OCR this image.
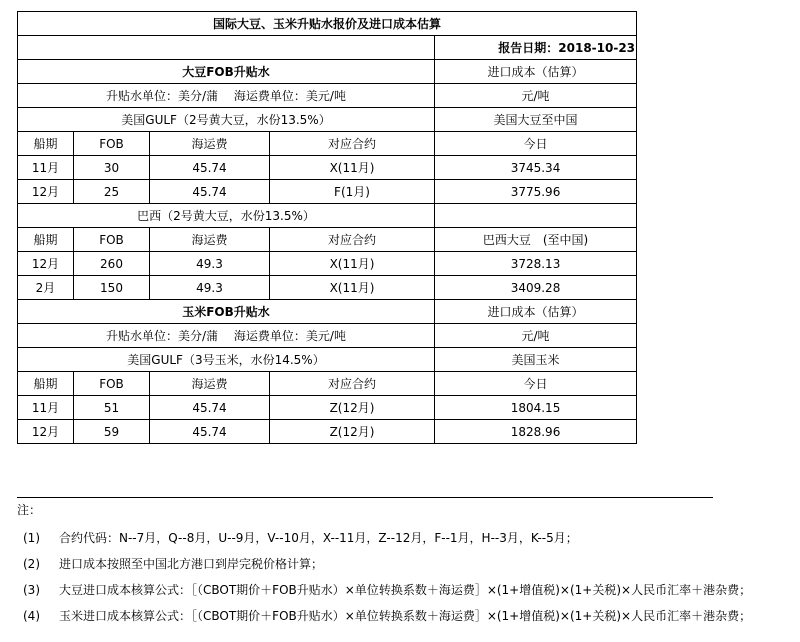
国际大豆、玉米升贴水报价及进口成本估算				
				报告日期：2018-10-23
大豆FOB升贴水				进口成本（估算）
升贴水单位：美分/蒲 　海运费单位：美元/吨				元/吨
美国GULF（2号黄大豆，水份13.5%）				美国大豆至中国
船期	FOB	海运费	对应合约	今日
11月	30	45.74	X(11月)	3745.34
12月	25	45.74	F(1月)	3775.96
巴西（2号黄大豆，水份13.5%）				
船期	FOB	海运费	对应合约	巴西大豆　(至中国)
12月	260	49.3	X(11月)	3728.13
2月	150	49.3	X(11月)	3409.28
玉米FOB升贴水				进口成本（估算）
升贴水单位：美分/蒲 　海运费单位：美元/吨				元/吨
美国GULF（3号玉米，水份14.5%）				美国玉米
船期	FOB	海运费	对应合约	今日
11月	51	45.74	Z(12月)	1804.15
12月	59	45.74	Z(12月)	1828.96
注：
(1) 合约代码：N--7月，Q--8月，U--9月，V--10月，X--11月，Z--12月，F--1月，H--3月，K--5月；
(2) 进口成本按照至中国北方港口到岸完税价格计算；
(3) 大豆进口成本核算公式：［（CBOT期价＋FOB升贴水）×单位转换系数＋海运费］×(1+增值税)×(1+关税)×人民币汇率＋港杂费；
(4) 玉米进口成本核算公式：［（CBOT期价＋FOB升贴水）×单位转换系数＋海运费］×(1+增值税)×(1+关税)×人民币汇率＋港杂费；
